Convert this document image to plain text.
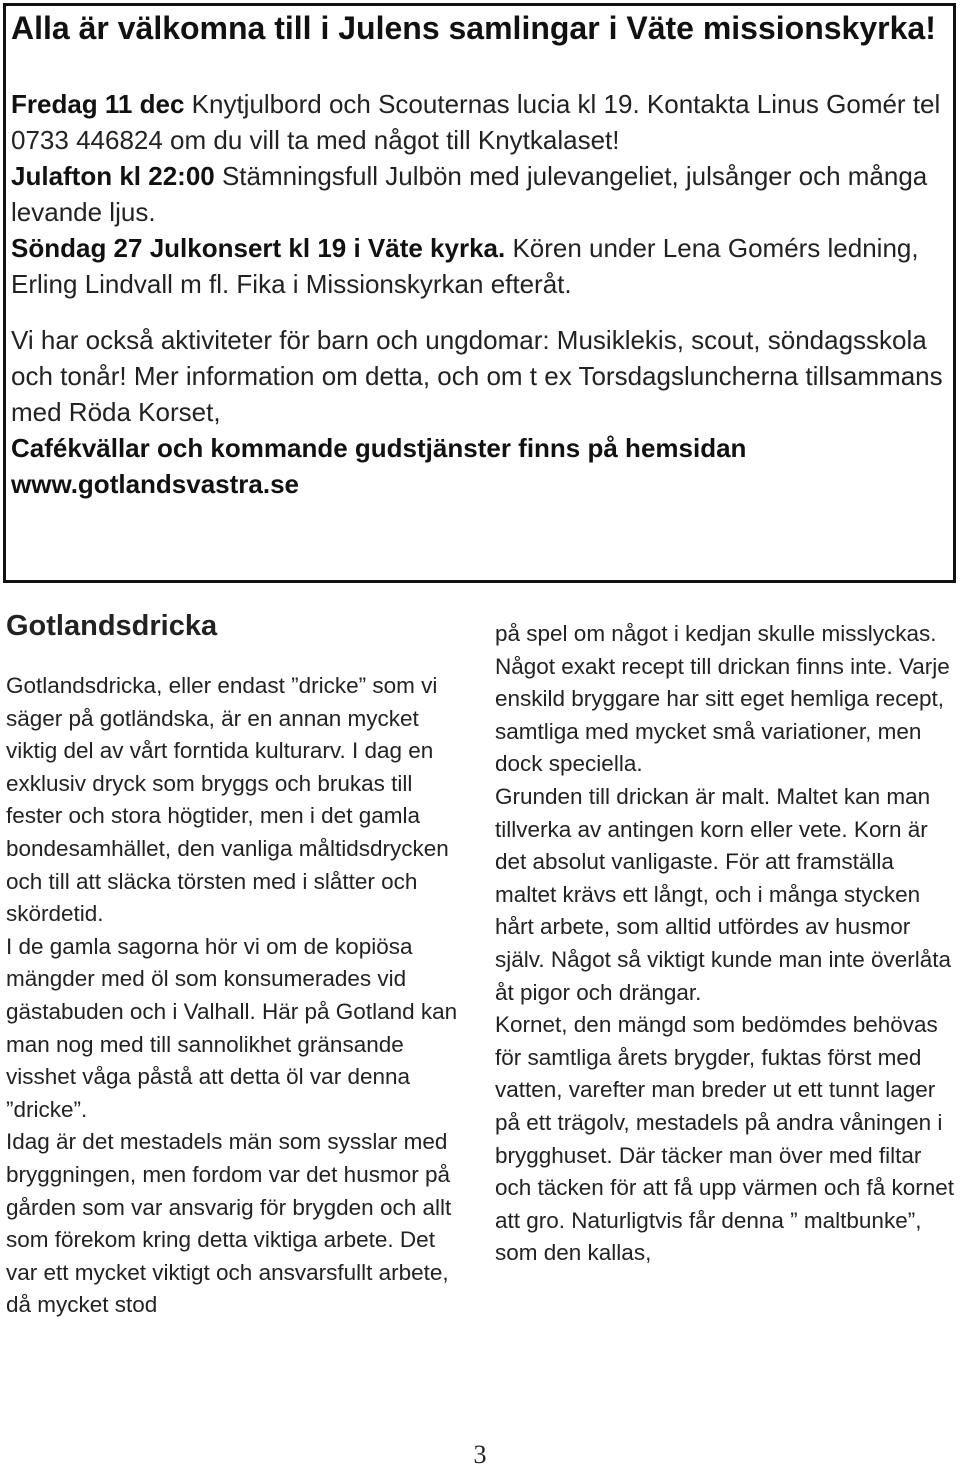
Alla är välkomna till i Julens samlingar i Väte missionskyrka!

Fredag 11 dec Knytjulbord och Scouternas lucia kl 19. Kontakta Linus Gomér tel 0733 446824 om du vill ta med något till Knytkalaset!

Julafton kl 22:00 Stämningsfull Julbön med julevangeliet, julsånger och många levande ljus.

Söndag 27 Julkonsert kl 19 i Väte kyrka. Kören under Lena Gomérs ledning, Erling Lindvall m fl. Fika i Missionskyrkan efteråt.

Vi har också aktiviteter för barn och ungdomar: Musiklekis, scout, söndagsskola och tonår! Mer information om detta, och om t ex Torsdagsluncherna tillsammans med Röda Korset,
Cafékvällar och kommande gudstjänster finns på hemsidan www.gotlandsvastra.se

Gotlandsdricka

Gotlandsdricka, eller endast ”dricke” som vi säger på gotländska, är en annan mycket viktig del av vårt forntida kulturarv. I dag en exklusiv dryck som bryggs och brukas till fester och stora högtider, men i det gamla bondesamhället, den vanliga måltidsdrycken och till att släcka törsten med i slåtter och skördetid.

I de gamla sagorna hör vi om de kopiösa mängder med öl som konsumerades vid gästabuden och i Valhall. Här på Gotland kan man nog med till sannolikhet gränsande visshet våga påstå att detta öl var denna ”dricke”.

Idag är det mestadels män som sysslar med bryggningen, men fordom var det husmor på gården som var ansvarig för brygden och allt som förekom kring detta viktiga arbete. Det var ett mycket viktigt och ansvarsfullt arbete, då mycket stod

på spel om något i kedjan skulle misslyckas.

Något exakt recept till drickan finns inte. Varje enskild bryggare har sitt eget hemliga recept, samtliga med mycket små variationer, men dock speciella.

Grunden till drickan är malt. Maltet kan man tillverka av antingen korn eller vete. Korn är det absolut vanligaste. För att framställa maltet krävs ett långt, och i många stycken hårt arbete, som alltid utfördes av husmor själv. Något så viktigt kunde man inte överlåta åt pigor och drängar.

Kornet, den mängd som bedömdes behövas för samtliga årets brygder, fuktas först med vatten, varefter man breder ut ett tunnt lager på ett trägolv, mestadels på andra våningen i brygghuset. Där täcker man över med filtar och täcken för att få upp värmen och få kornet att gro. Naturligtvis får denna ” maltbunke”, som den kallas,

3
